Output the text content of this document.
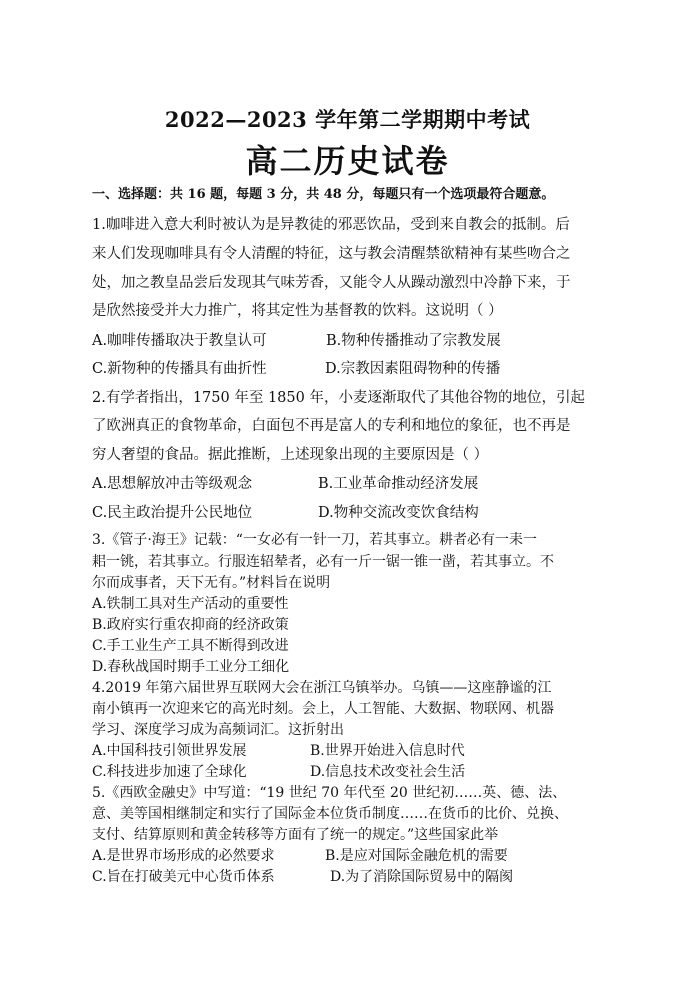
2022—2023 学年第二学期期中考试
高二历史试卷
一、选择题：共 16 题，每题 3 分，共 48 分，每题只有一个选项最符合题意。
1.咖啡进入意大利时被认为是异教徒的邪恶饮品，受到来自教会的抵制。后
来人们发现咖啡具有令人清醒的特征，这与教会清醒禁欲精神有某些吻合之
处，加之教皇品尝后发现其气味芳香，又能令人从躁动激烈中冷静下来，于
是欣然接受并大力推广，将其定性为基督教的饮料。这说明（ ）
A.咖啡传播取决于教皇认可	B.物种传播推动了宗教发展
C.新物种的传播具有曲折性	D.宗教因素阻碍物种的传播
2.有学者指出，1750 年至 1850 年，小麦逐渐取代了其他谷物的地位，引起
了欧洲真正的食物革命，白面包不再是富人的专利和地位的象征，也不再是
穷人奢望的食品。据此推断，上述现象出现的主要原因是（ ）
A.思想解放冲击等级观念	B.工业革命推动经济发展
C.民主政治提升公民地位	D.物种交流改变饮食结构
3.《管子·海王》记载：“一女必有一针一刀，若其事立。耕者必有一耒一
耜一铫，若其事立。行服连轺辇者，必有一斤一锯一锥一凿，若其事立。不
尔而成事者，天下无有。”材料旨在说明
A.铁制工具对生产活动的重要性
B.政府实行重农抑商的经济政策
C.手工业生产工具不断得到改进
D.春秋战国时期手工业分工细化
4.2019 年第六届世界互联网大会在浙江乌镇举办。乌镇——这座静谧的江
南小镇再一次迎来它的高光时刻。会上，人工智能、大数据、物联网、机器
学习、深度学习成为高频词汇。这折射出
A.中国科技引领世界发展	B.世界开始进入信息时代
C.科技进步加速了全球化	D.信息技术改变社会生活
5.《西欧金融史》中写道：“19 世纪 70 年代至 20 世纪初……英、德、法、
意、美等国相继制定和实行了国际金本位货币制度……在货币的比价、兑换、
支付、结算原则和黄金转移等方面有了统一的规定。”这些国家此举
A.是世界市场形成的必然要求	B.是应对国际金融危机的需要
C.旨在打破美元中心货币体系	D.为了消除国际贸易中的隔阂
